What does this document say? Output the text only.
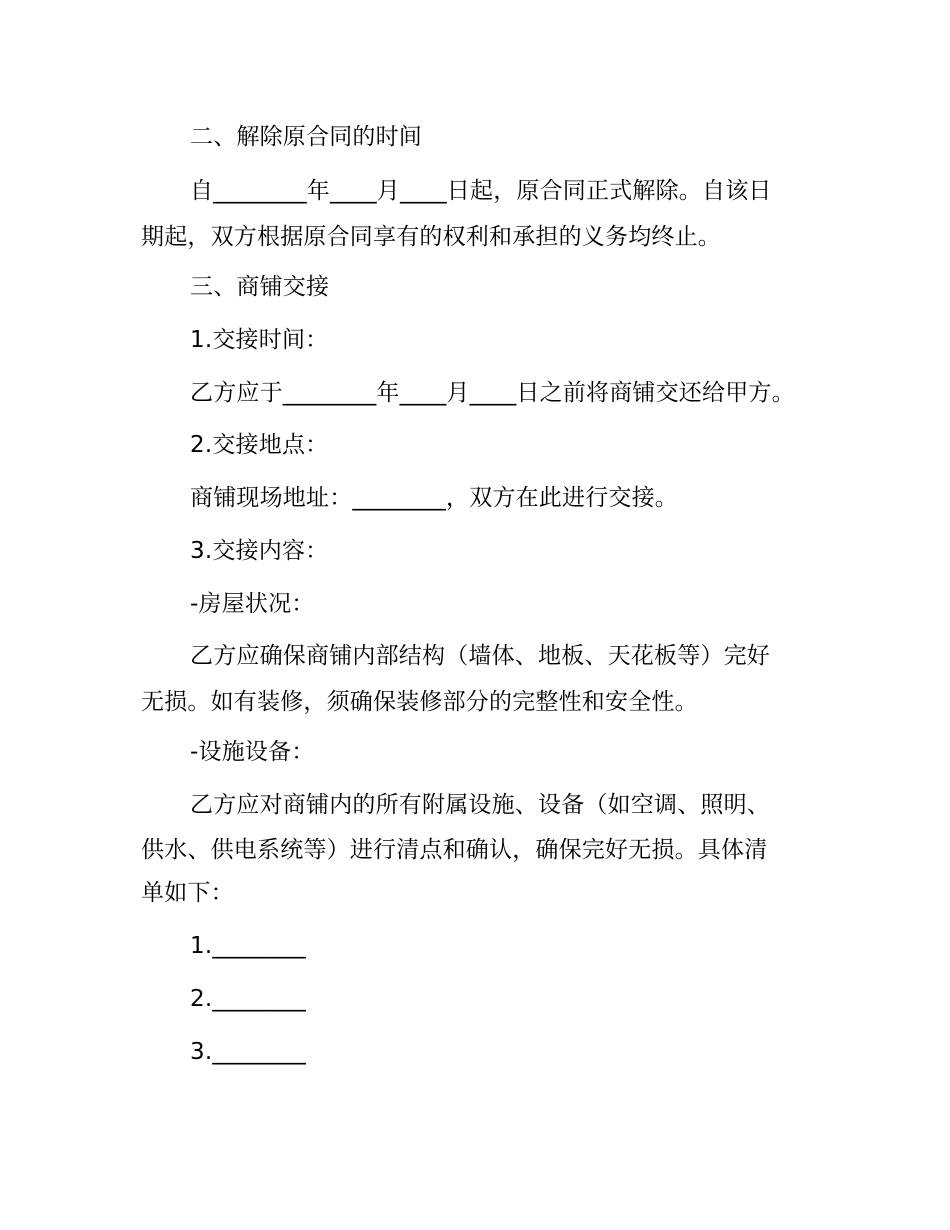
二、解除原合同的时间
自________年____月____日起，原合同正式解除。自该日
期起，双方根据原合同享有的权利和承担的义务均终止。
三、商铺交接
1.交接时间：
乙方应于________年____月____日之前将商铺交还给甲方。
2.交接地点：
商铺现场地址：________，双方在此进行交接。
3.交接内容：
-房屋状况：
乙方应确保商铺内部结构（墙体、地板、天花板等）完好
无损。如有装修，须确保装修部分的完整性和安全性。
-设施设备：
乙方应对商铺内的所有附属设施、设备（如空调、照明、
供水、供电系统等）进行清点和确认，确保完好无损。具体清
单如下：
1.________
2.________
3.________
